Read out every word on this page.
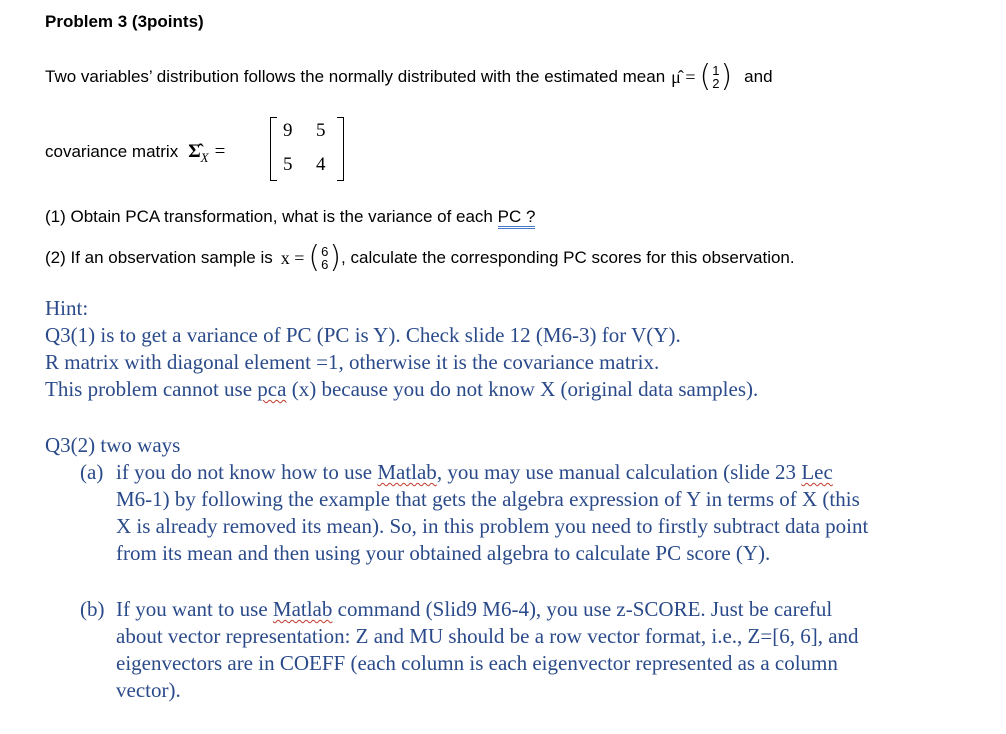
Problem 3 (3points)
Two variables’ distribution follows the normally distributed with the estimated mean μ̂ = ( 1
2 ) and
covariance matrix Σ̂ X =
9 5
5 4
(1) Obtain PCA transformation, what is the variance of each PC ?
(2) If an observation sample is x = ( 6
6 ) , calculate the corresponding PC scores for this observation.
Hint:
Q3(1) is to get a variance of PC (PC is Y). Check slide 12 (M6-3) for V(Y).
R matrix with diagonal element =1, otherwise it is the covariance matrix.
This problem cannot use pca (x) because you do not know X (original data samples).
Q3(2) two ways
(a) if you do not know how to use Matlab, you may use manual calculation (slide 23 Lec
M6-1) by following the example that gets the algebra expression of Y in terms of X (this
X is already removed its mean). So, in this problem you need to firstly subtract data point
from its mean and then using your obtained algebra to calculate PC score (Y).
(b) If you want to use Matlab command (Slid9 M6-4), you use z-SCORE. Just be careful
about vector representation: Z and MU should be a row vector format, i.e., Z=[6, 6], and
eigenvectors are in COEFF (each column is each eigenvector represented as a column
vector).
